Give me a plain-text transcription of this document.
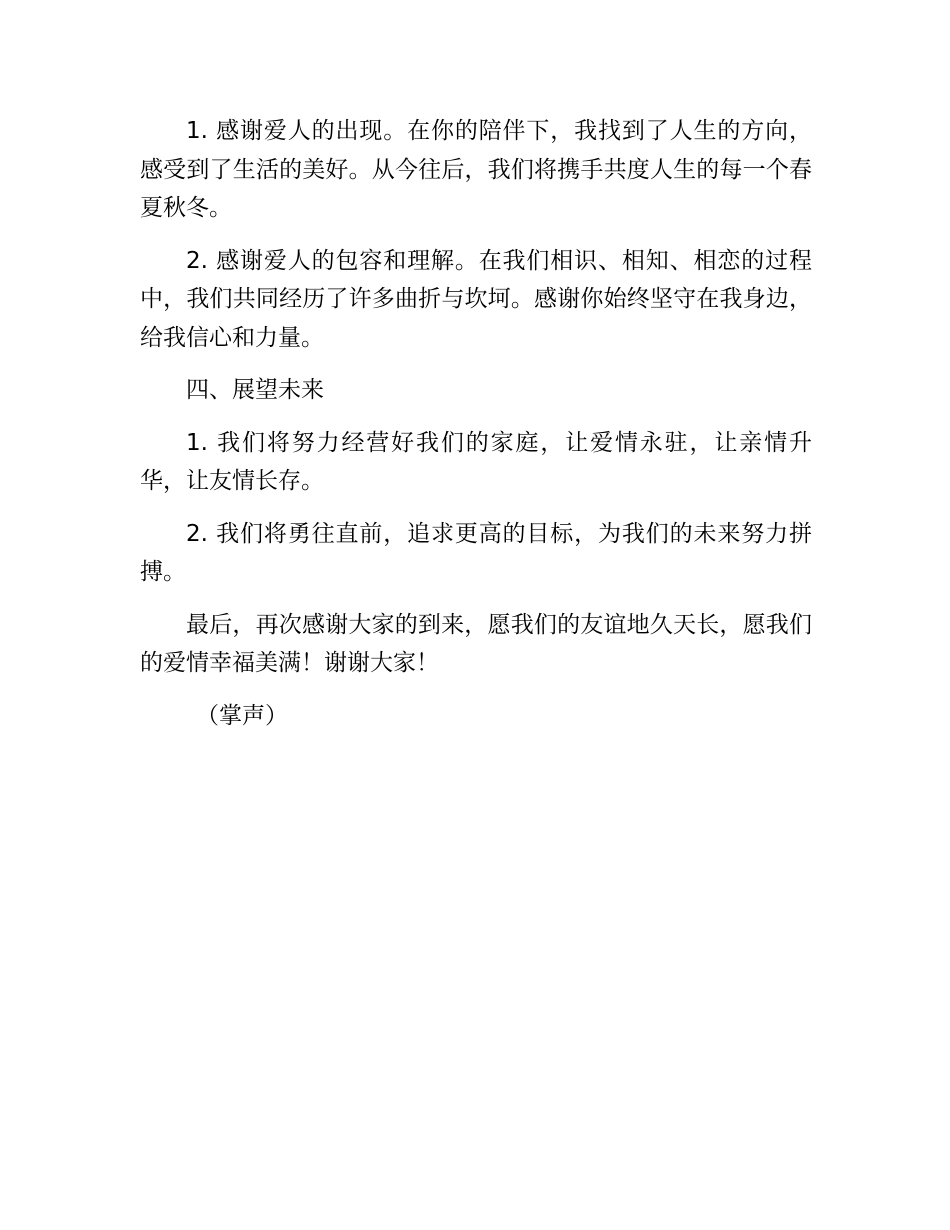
1. 感谢爱人的出现。在你的陪伴下，我找到了人生的方向，感受到了生活的美好。从今往后，我们将携手共度人生的每一个春夏秋冬。

2. 感谢爱人的包容和理解。在我们相识、相知、相恋的过程中，我们共同经历了许多曲折与坎坷。感谢你始终坚守在我身边，给我信心和力量。

四、展望未来

1. 我们将努力经营好我们的家庭，让爱情永驻，让亲情升华，让友情长存。

2. 我们将勇往直前，追求更高的目标，为我们的未来努力拼搏。

最后，再次感谢大家的到来，愿我们的友谊地久天长，愿我们的爱情幸福美满！谢谢大家！

（掌声）
